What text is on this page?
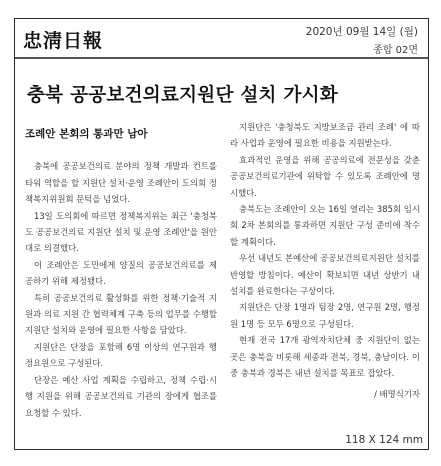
忠淸日報	2020년 09월 14일 (월)
종합 02면
충북 공공보건의료지원단 설치 가시화
조례안 본회의 통과만 남아

충북에 공공보건의료 분야의 정책 개발과 컨트롤타워 역할을 할 지원단 설치·운영 조례안이 도의회 정책복지위원회 문턱을 넘었다.

13일 도의회에 따르면 정책복지위는 최근 '충청북도 공공보건의료 지원단 설치 및 운영 조례안'을 원안대로 의결했다.

이 조례안은 도민에게 양질의 공공보건의료를 제공하기 위해 제정됐다.

특히 공공보건의료 활성화를 위한 정책·기술적 지원과 의료 지원 간 협력체계 구축 등의 업무를 수행할 지원단 설치와 운영에 필요한 사항을 담았다.

지원단은 단장을 포함해 6명 이상의 연구원과 행정요원으로 구성된다.

단장은 예산 사업 계획을 수립하고, 정책 수립·시행 지원을 위해 공공보건의료 기관의 장에게 협조를 요청할 수 있다.

지원단은 '충청북도 지방보조금 관리 조례' 에 따라 사업과 운영에 필요한 비용을 지원받는다.

효과적인 운영을 위해 공공의료에 전문성을 갖춘 공공보건의료기관에 위탁할 수 있도록 조례안에 명시했다.

충북도는 조례안이 오는 16일 열리는 385회 임시회 2차 본회의를 통과하면 지원단 구성 준비에 착수할 계획이다.

우선 내년도 본예산에 공공보건의료지원단 설치를 반영할 방침이다. 예산이 확보되면 내년 상반기 내 설치를 완료한다는 구상이다.

지원단은 단장 1명과 팀장 2명, 연구원 2명, 행정원 1명 등 모두 6명으로 구성된다.

현재 전국 17개 광역자치단체 중 지원단이 없는 곳은 충북을 비롯해 세종과 전북, 경북, 충남이다. 이 중 충북과 경북은 내년 설치를 목표로 잡았다.

/ 배명식기자
118 X 124 mm
